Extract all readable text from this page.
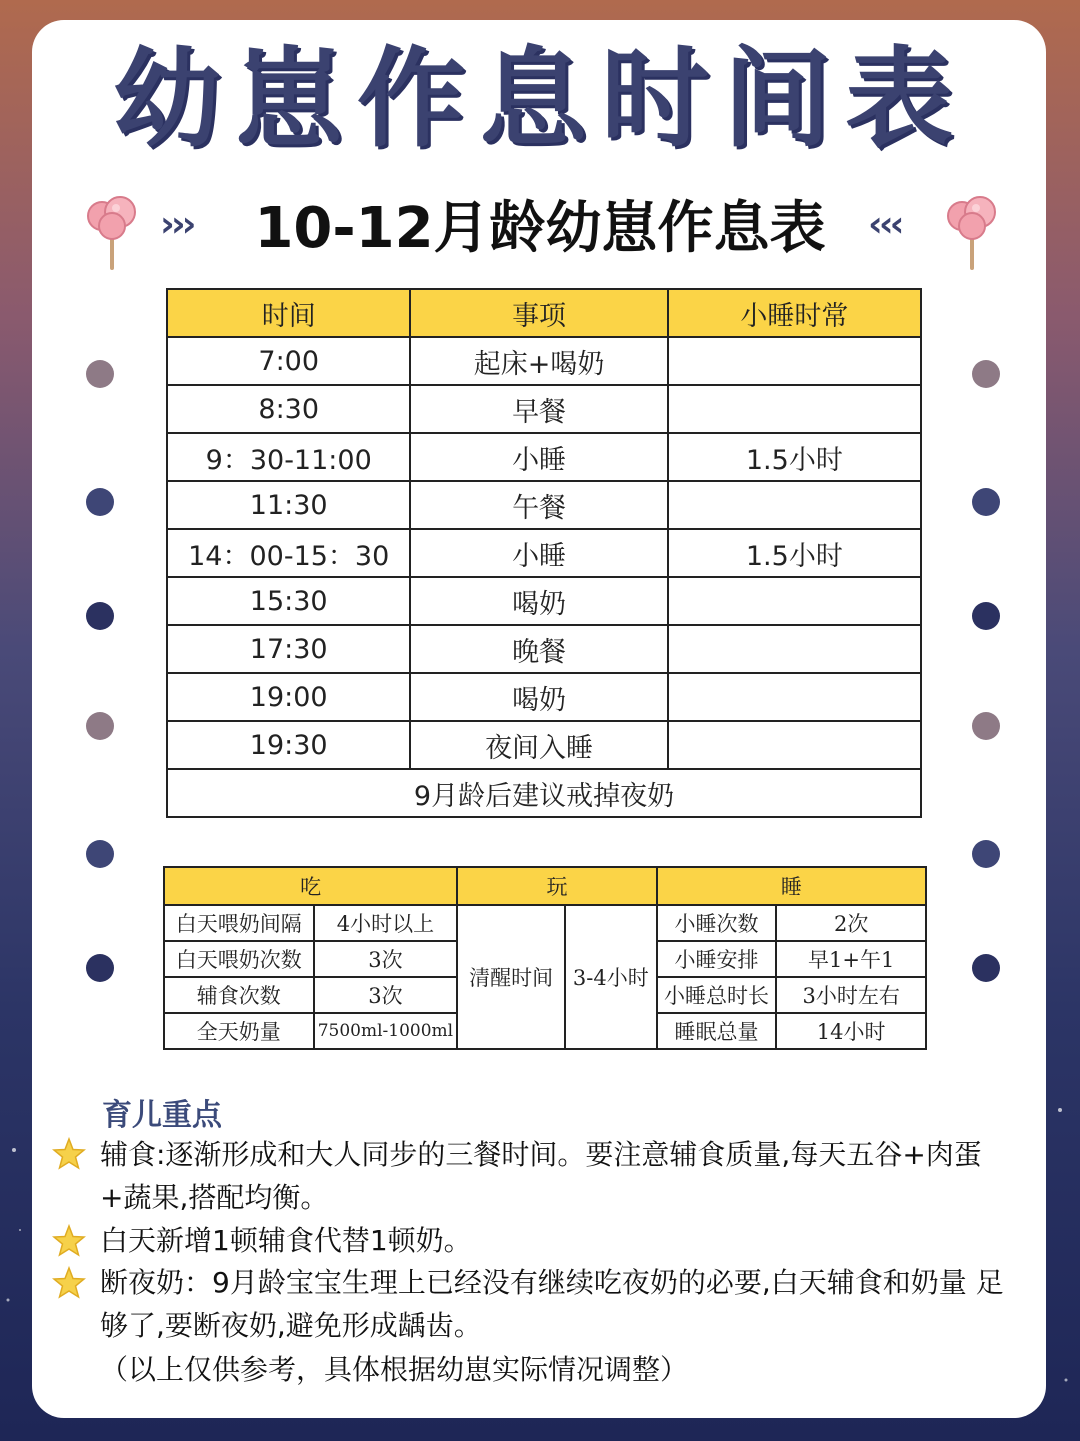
幼崽作息时间表
›››	10-12月龄幼崽作息表	‹‹‹
时间	事项	小睡时常
7:00	起床+喝奶	
8:30	早餐	
9：30-11:00	小睡	1.5小时
11:30	午餐	
14：00-15：30	小睡	1.5小时
15:30	喝奶	
17:30	晚餐	
19:00	喝奶	
19:30	夜间入睡	
9月龄后建议戒掉夜奶		
吃		玩		睡	
白天喂奶间隔	4小时以上	清醒时间	3-4小时	小睡次数	2次
白天喂奶次数	3次			小睡安排	早1+午1
辅食次数	3次			小睡总时长	3小时左右
全天奶量	7500ml-1000ml			睡眠总量	14小时
育儿重点
辅食:逐渐形成和大人同步的三餐时间。要注意辅食质量,每天五谷+肉蛋+蔬果,搭配均衡。
白天新增1顿辅食代替1顿奶。
断夜奶：9月龄宝宝生理上已经没有继续吃夜奶的必要,白天辅食和奶量 足够了,要断夜奶,避免形成龋齿。
（以上仅供参考，具体根据幼崽实际情况调整）
